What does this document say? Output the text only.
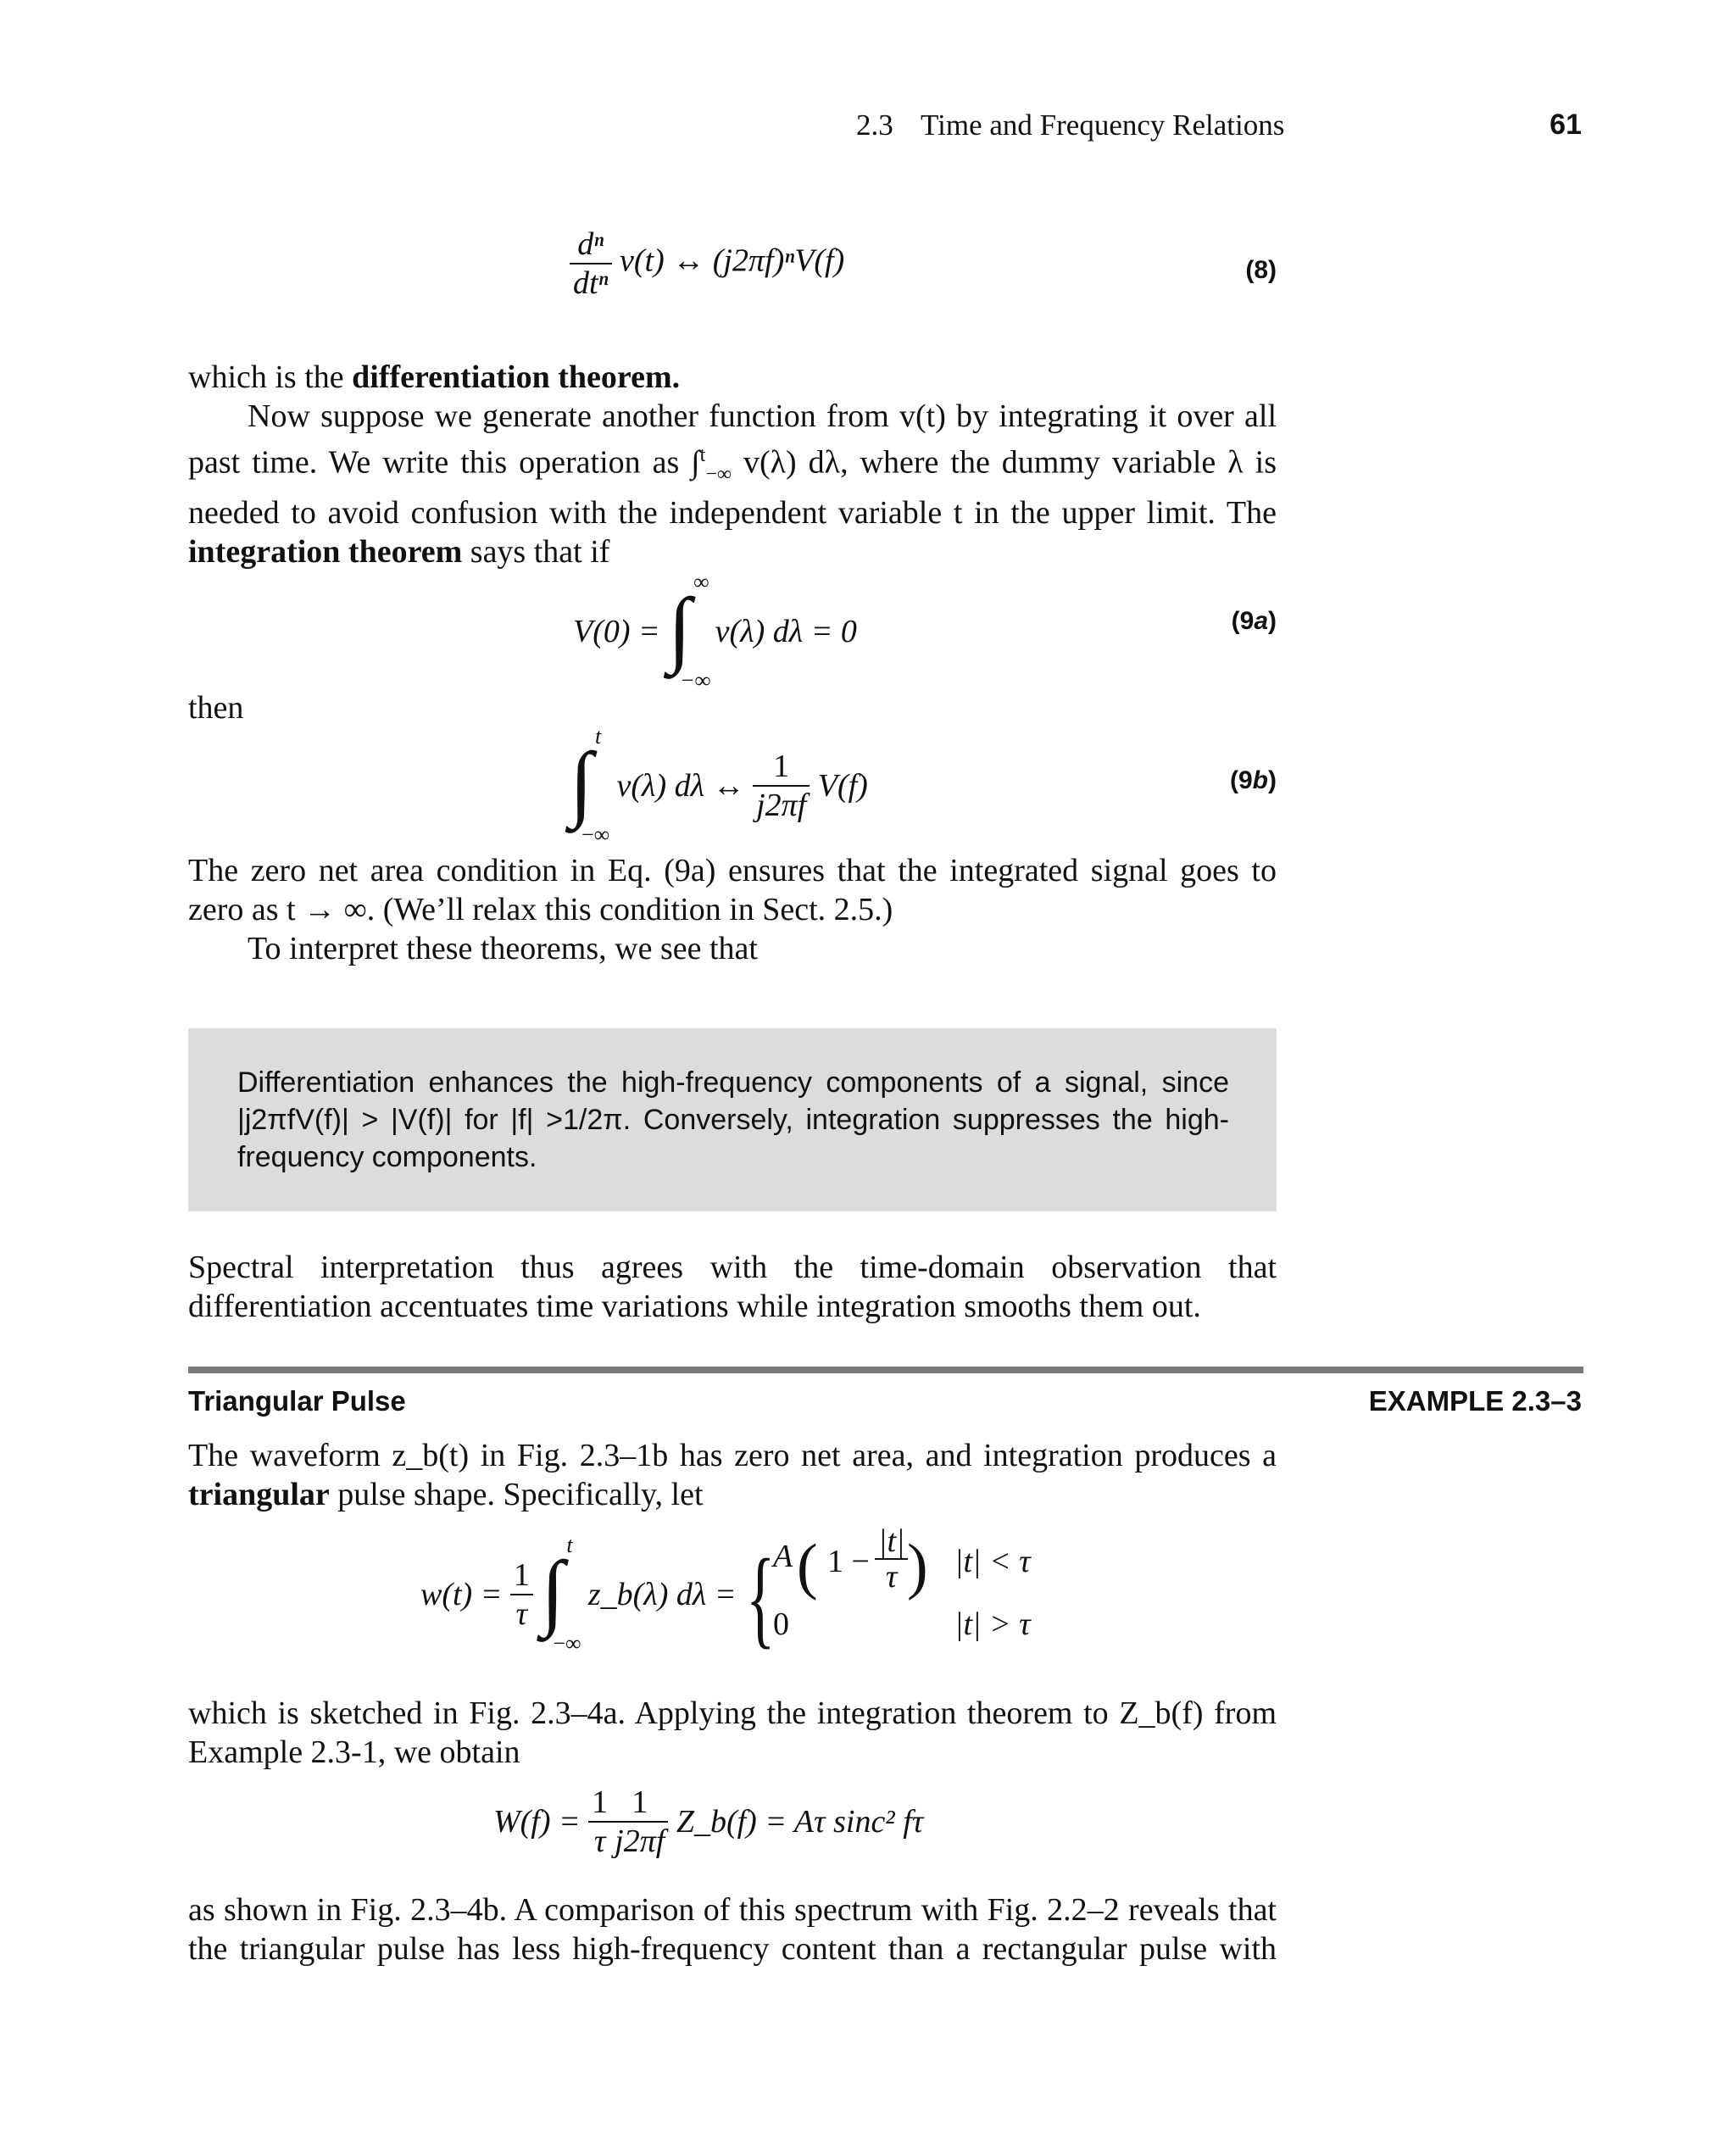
2.3 Time and Frequency Relations	61
$\frac{\text{dⁿ}}{\text{dtⁿ}} v(t)$ ↔ (j2πf)ⁿV(f)	(8)

which is the differentiation theorem.

Now suppose we generate another function from v(t) by integrating it over all past time. We write this operation as ∫$^t_{-\infty}$ v(λ) dλ, where the dummy variable λ is needed to avoid confusion with the independent variable t in the upper limit. The integration theorem says that if

V(0) = ∫ ∞
−∞
v(λ) dλ = 0	(9a)

then

∫ t
−∞
v(λ) dλ ↔ $\frac{1}{j2\pi f} V(f)$	(9b)

The zero net area condition in Eq. (9a) ensures that the integrated signal goes to zero as t → ∞. (We’ll relax this condition in Sect. 2.5.)

To interpret these theorems, we see that

Differentiation enhances the high-frequency components of a signal, since |j2πfV(f)| > |V(f)| for |f| >1/2π. Conversely, integration suppresses the high-frequency components.

Spectral interpretation thus agrees with the time-domain observation that differentiation accentuates time variations while integration smooths them out.

Triangular Pulse	EXAMPLE 2.3–3

The waveform z_b(t) in Fig. 2.3–1b has zero net area, and integration produces a triangular pulse shape. Specifically, let

$w(t) = \frac{1}{\tau}$
∫ t
−∞
z_b(λ) dλ = {
A ( $1 - \frac{|t|}{\tau}$
) |t| < τ
0	|t| > τ

which is sketched in Fig. 2.3–4a. Applying the integration theorem to Z_b(f) from Example 2.3-1, we obtain

$W(f) = \frac{1}{\tau} \frac{1}{j2\pi f}$ Z_b(f) = Aτ sinc² fτ

as shown in Fig. 2.3–4b. A comparison of this spectrum with Fig. 2.2–2 reveals that the triangular pulse has less high-frequency content than a rectangular pulse with
